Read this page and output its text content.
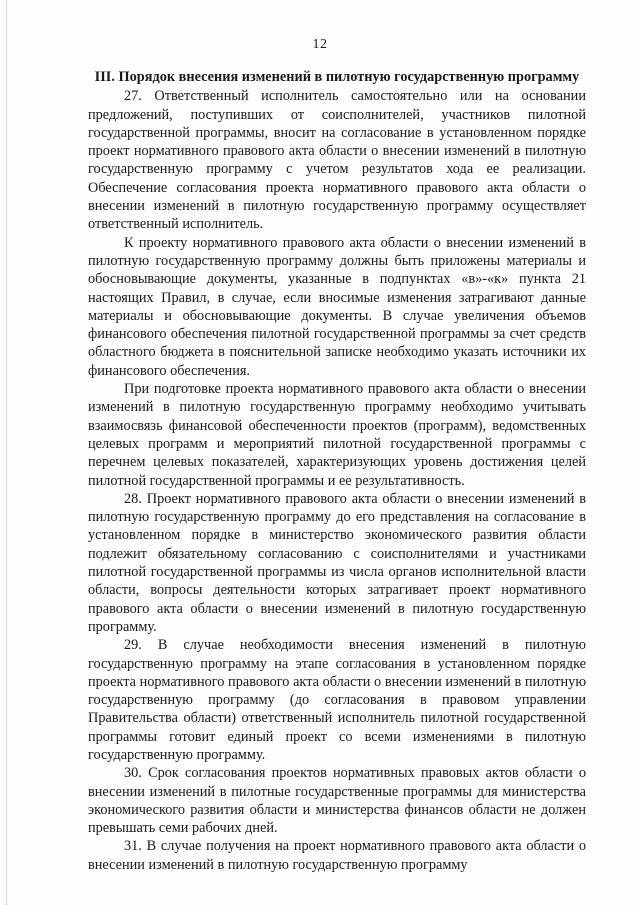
12
III. Порядок внесения изменений в пилотную государственную программу

27. Ответственный исполнитель самостоятельно или на основании предложений, поступивших от соисполнителей, участников пилотной государственной программы, вносит на согласование в установленном порядке проект нормативного правового акта области о внесении изменений в пилотную государственную программу с учетом результатов хода ее реализации. Обеспечение согласования проекта нормативного правового акта области о внесении изменений в пилотную государственную программу осуществляет ответственный исполнитель.

К проекту нормативного правового акта области о внесении изменений в пилотную государственную программу должны быть приложены материалы и обосновывающие документы, указанные в подпунктах «в»-«к» пункта 21 настоящих Правил, в случае, если вносимые изменения затрагивают данные материалы и обосновывающие документы. В случае увеличения объемов финансового обеспечения пилотной государственной программы за счет средств областного бюджета в пояснительной записке необходимо указать источники их финансового обеспечения.

При подготовке проекта нормативного правового акта области о внесении изменений в пилотную государственную программу необходимо учитывать взаимосвязь финансовой обеспеченности проектов (программ), ведомственных целевых программ и мероприятий пилотной государственной программы с перечнем целевых показателей, характеризующих уровень достижения целей пилотной государственной программы и ее результативность.

28. Проект нормативного правового акта области о внесении изменений в пилотную государственную программу до его представления на согласование в установленном порядке в министерство экономического развития области подлежит обязательному согласованию с соисполнителями и участниками пилотной государственной программы из числа органов исполнительной власти области, вопросы деятельности которых затрагивает проект нормативного правового акта области о внесении изменений в пилотную государственную программу.

29. В случае необходимости внесения изменений в пилотную государственную программу на этапе согласования в установленном порядке проекта нормативного правового акта области о внесении изменений в пилотную государственную программу (до согласования в правовом управлении Правительства области) ответственный исполнитель пилотной государственной программы готовит единый проект со всеми изменениями в пилотную государственную программу.

30. Срок согласования проектов нормативных правовых актов области о внесении изменений в пилотные государственные программы для министерства экономического развития области и министерства финансов области не должен превышать семи рабочих дней.

31. В случае получения на проект нормативного правового акта области о внесении изменений в пилотную государственную программу
